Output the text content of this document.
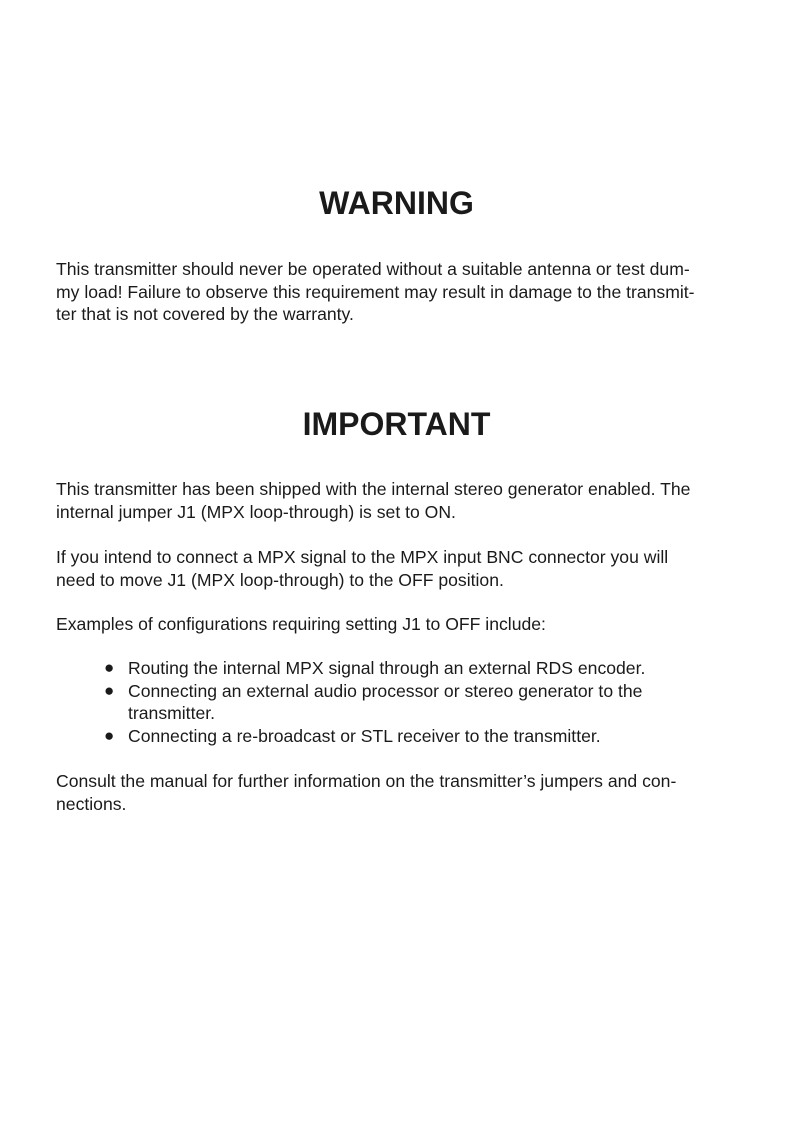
WARNING

This transmitter should never be operated without a suitable antenna or test dum-
my load! Failure to observe this requirement may result in damage to the transmit-
ter that is not covered by the warranty.

IMPORTANT

This transmitter has been shipped with the internal stereo generator enabled. The
internal jumper J1 (MPX loop-through) is set to ON.

If you intend to connect a MPX signal to the MPX input BNC connector you will
need to move J1 (MPX loop-through) to the OFF position.

Examples of configurations requiring setting J1 to OFF include:

● Routing the internal MPX signal through an external RDS encoder.
● Connecting an external audio processor or stereo generator to the
transmitter.
● Connecting a re-broadcast or STL receiver to the transmitter.

Consult the manual for further information on the transmitter’s jumpers and con-
nections.
